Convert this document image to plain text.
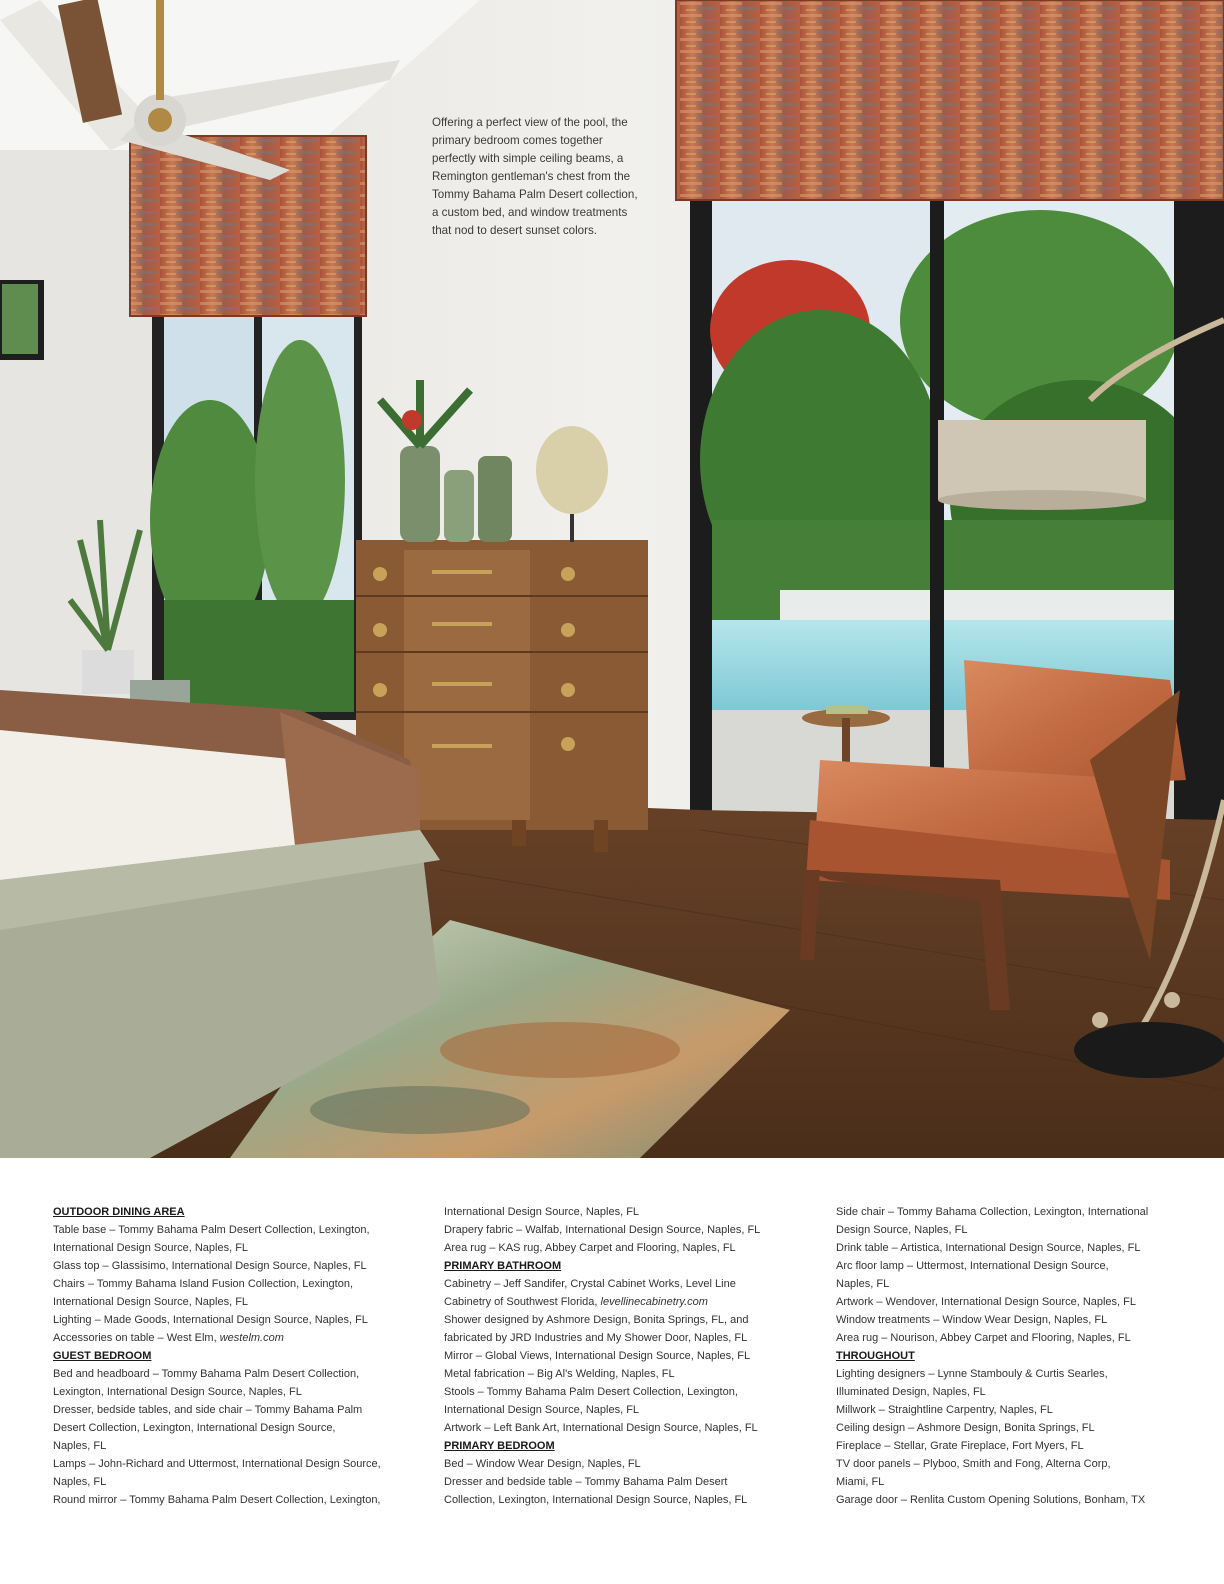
Offering a perfect view of the pool, the primary bedroom comes together perfectly with simple ceiling beams, a Remington gentleman's chest from the Tommy Bahama Palm Desert collection, a custom bed, and window treatments that nod to desert sunset colors.

OUTDOOR DINING AREA

Table base – Tommy Bahama Palm Desert Collection, Lexington,

International Design Source, Naples, FL

Glass top – Glassisimo, International Design Source, Naples, FL

Chairs – Tommy Bahama Island Fusion Collection, Lexington,

International Design Source, Naples, FL

Lighting – Made Goods, International Design Source, Naples, FL

Accessories on table – West Elm, westelm.com

GUEST BEDROOM

Bed and headboard – Tommy Bahama Palm Desert Collection,

Lexington, International Design Source, Naples, FL

Dresser, bedside tables, and side chair – Tommy Bahama Palm

Desert Collection, Lexington, International Design Source,

Naples, FL

Lamps – John-Richard and Uttermost, International Design Source,

Naples, FL

Round mirror – Tommy Bahama Palm Desert Collection, Lexington,

International Design Source, Naples, FL

Drapery fabric – Walfab, International Design Source, Naples, FL

Area rug – KAS rug, Abbey Carpet and Flooring, Naples, FL

PRIMARY BATHROOM

Cabinetry – Jeff Sandifer, Crystal Cabinet Works, Level Line

Cabinetry of Southwest Florida, levellinecabinetry.com

Shower designed by Ashmore Design, Bonita Springs, FL, and

fabricated by JRD Industries and My Shower Door, Naples, FL

Mirror – Global Views, International Design Source, Naples, FL

Metal fabrication – Big Al's Welding, Naples, FL

Stools – Tommy Bahama Palm Desert Collection, Lexington,

International Design Source, Naples, FL

Artwork – Left Bank Art, International Design Source, Naples, FL

PRIMARY BEDROOM

Bed – Window Wear Design, Naples, FL

Dresser and bedside table – Tommy Bahama Palm Desert

Collection, Lexington, International Design Source, Naples, FL

Side chair – Tommy Bahama Collection, Lexington, International

Design Source, Naples, FL

Drink table – Artistica, International Design Source, Naples, FL

Arc floor lamp – Uttermost, International Design Source,

Naples, FL

Artwork – Wendover, International Design Source, Naples, FL

Window treatments – Window Wear Design, Naples, FL

Area rug – Nourison, Abbey Carpet and Flooring, Naples, FL

THROUGHOUT

Lighting designers – Lynne Stambouly & Curtis Searles,

Illuminated Design, Naples, FL

Millwork – Straightline Carpentry, Naples, FL

Ceiling design – Ashmore Design, Bonita Springs, FL

Fireplace – Stellar, Grate Fireplace, Fort Myers, FL

TV door panels – Plyboo, Smith and Fong, Alterna Corp,

Miami, FL

Garage door – Renlita Custom Opening Solutions, Bonham, TX
